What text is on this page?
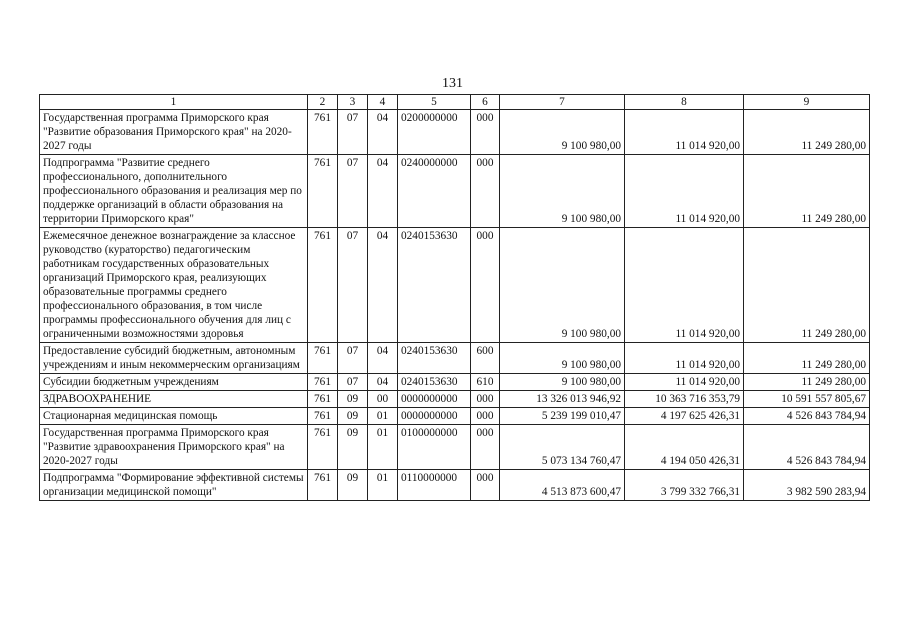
131
1	2	3	4	5	6	7	8	9
Государственная программа Приморского края "Развитие образования Приморского края" на 2020-2027 годы	761	07	04	0200000000	000	9 100 980,00	11 014 920,00	11 249 280,00
Подпрограмма "Развитие среднего профессионального, дополнительного профессионального образования и реализация мер по поддержке организаций в области образования на территории Приморского края"	761	07	04	0240000000	000	9 100 980,00	11 014 920,00	11 249 280,00
Ежемесячное денежное вознаграждение за классное руководство (кураторство) педагогическим работникам государственных образовательных организаций Приморского края, реализующих образовательные программы среднего профессионального образования, в том числе программы профессионального обучения для лиц с ограниченными возможностями здоровья	761	07	04	0240153630	000	9 100 980,00	11 014 920,00	11 249 280,00
Предоставление субсидий бюджетным, автономным учреждениям и иным некоммерческим организациям	761	07	04	0240153630	600	9 100 980,00	11 014 920,00	11 249 280,00
Субсидии бюджетным учреждениям	761	07	04	0240153630	610	9 100 980,00	11 014 920,00	11 249 280,00
ЗДРАВООХРАНЕНИЕ	761	09	00	0000000000	000	13 326 013 946,92	10 363 716 353,79	10 591 557 805,67
Стационарная медицинская помощь	761	09	01	0000000000	000	5 239 199 010,47	4 197 625 426,31	4 526 843 784,94
Государственная программа Приморского края "Развитие здравоохранения Приморского края" на 2020-2027 годы	761	09	01	0100000000	000	5 073 134 760,47	4 194 050 426,31	4 526 843 784,94
Подпрограмма "Формирование эффективной системы организации медицинской помощи"	761	09	01	0110000000	000	4 513 873 600,47	3 799 332 766,31	3 982 590 283,94
